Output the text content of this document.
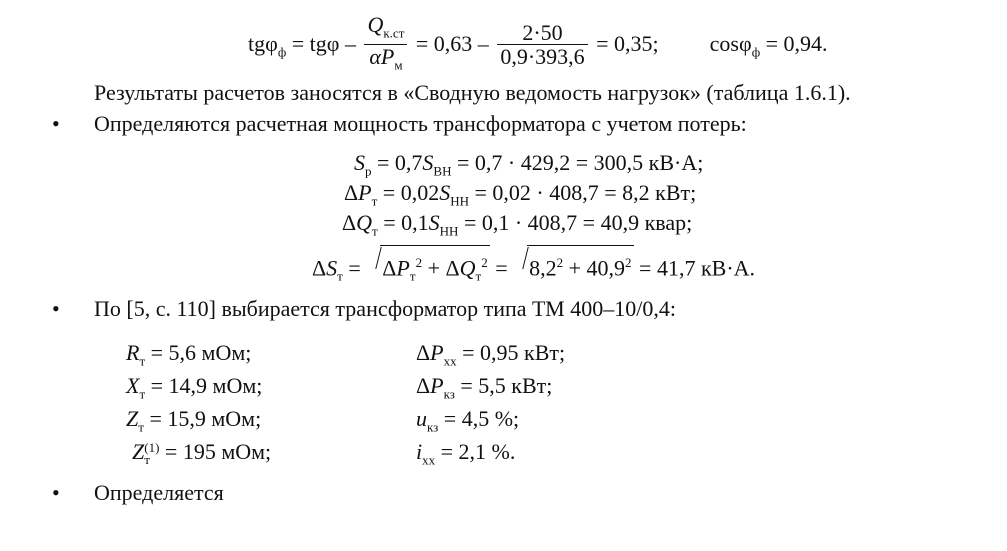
$tg\varphi_ф = tg\varphi - \frac{Q_{к.ст}}{\alpha P_м} = 0,63 - \frac{2\cdot 50}{0,9\cdot 393,6} = 0,35$; cosφ$_ф$ = 0,94.
Результаты расчетов заносятся в «Сводную ведомость нагрузок» (таблица 1.6.1).
• Определяются расчетная мощность трансформатора с учетом потерь:
$S_р = 0,7S_{ВН} = 0,7 \cdot 429,2 = 300,5$ кВ·А;
$\Delta P_т = 0,02S_{НН} = 0,02 \cdot 408,7 = 8,2$ кВт;
$\Delta Q_т = 0,1S_{НН} = 0,1 \cdot 408,7 = 40,9$ квар;
$\Delta S_т = \Delta P_т^2 + \Delta Q_т^2 = 8,2^2 + 40,9^2 = 41,7$ кВ·А.
• По [5, с. 110] выбирается трансформатор типа ТМ 400–10/0,4:
$R_т = 5,6$ мОм;
$X_т = 14,9$ мОм;
$Z_т = 15,9$ мОм;
Z (1)
т = 195 мОм;
$\Delta P_{хх} = 0,95$ кВт;
$\Delta P_{кз} = 5,5$ кВт;
$u_{кз} = 4,5$ %;
$i_{хх} = 2,1$ %.
• Определяется
